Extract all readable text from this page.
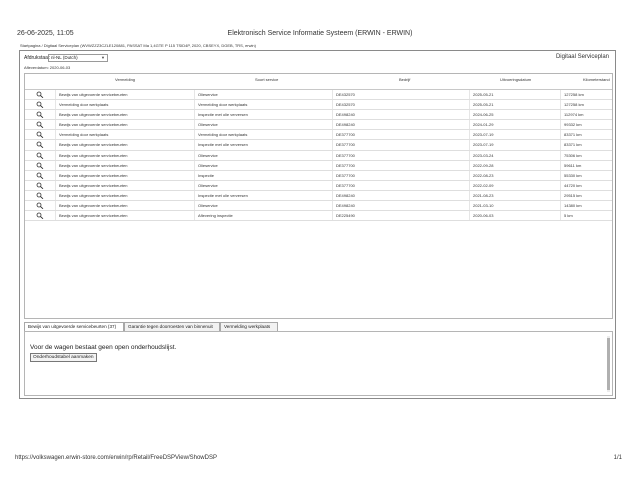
26-06-2025, 11:05	Elektronisch Service Informatie Systeem (ERWIN - ERWIN)
Startpagina / Digitaal Serviceplan (WVWZZZ3CZLE120881, PASSAT Ma 1,4GTE P 115 TSID4P, 2020, CBSEYX, DGEB, TRS, erwin)
Afdrukstaal: nl-NL (Dutch)	▼	Digitaal Serviceplan
Afleverdatum: 2020-06-03
Vermelding	Soort service	Bedrijf	Uitvoeringsdatum	Kilometerstand
Bewijs van uitgevoerde servicebeurten	Olieservice	DE432570	2025-05-21	127258 km
Vermelding door werkplaats	Vermelding door werkplaats	DE432570	2025-05-21	127258 km
Bewijs van uitgevoerde servicebeurten	Inspectie met olie verversen	DE498240	2024-06-25	112974 km
Bewijs van uitgevoerde servicebeurten	Olieservice	DE498240	2024-01-29	99332 km
Vermelding door werkplaats	Vermelding door werkplaats	DE377700	2023-07-19	83371 km
Bewijs van uitgevoerde servicebeurten	Inspectie met olie verversen	DE377700	2023-07-19	83371 km
Bewijs van uitgevoerde servicebeurten	Olieservice	DE377700	2023-03-24	75306 km
Bewijs van uitgevoerde servicebeurten	Olieservice	DE377700	2022-09-28	59611 km
Bewijs van uitgevoerde servicebeurten	Inspectie	DE377700	2022-08-23	55330 km
Bewijs van uitgevoerde servicebeurten	Olieservice	DE377700	2022-02-09	44720 km
Bewijs van uitgevoerde servicebeurten	Inspectie met olie verversen	DE498240	2021-08-23	29515 km
Bewijs van uitgevoerde servicebeurten	Olieservice	DE498240	2021-03-10	14380 km
Bewijs van uitgevoerde servicebeurten	Aflevering inspectie	DE225490	2020-06-03	5 km
Bewijs van uitgevoerde servicebeurten (37)	Garantie tegen doorroesten van binnenuit	Vermelding werkplaats
Voor de wagen bestaat geen open onderhoudslijst.
Onderhoudstabel aanmaken
https://volkswagen.erwin-store.com/erwin/rp/Retail/FreeDSPView/ShowDSP	1/1
